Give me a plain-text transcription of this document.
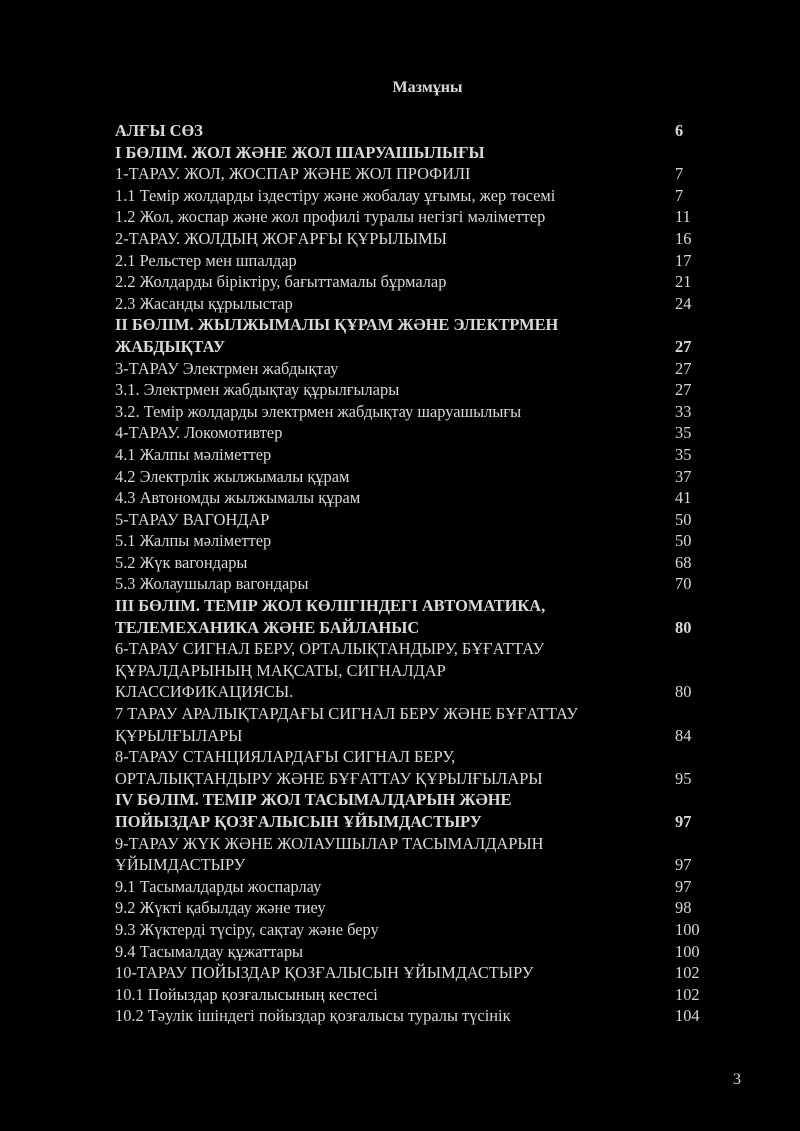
Мазмұны
АЛҒЫ СӨЗ	6
I БӨЛІМ. ЖОЛ ЖӘНЕ ЖОЛ ШАРУАШЫЛЫҒЫ
1-ТАРАУ. ЖОЛ, ЖОСПАР ЖӘНЕ ЖОЛ ПРОФИЛІ	7
1.1 Темір жолдарды іздестіру және жобалау ұғымы, жер төсемі	7
1.2 Жол, жоспар және жол профилі туралы негізгі мәліметтер	11
2-ТАРАУ. ЖОЛДЫҢ ЖОҒАРҒЫ ҚҰРЫЛЫМЫ	16
2.1 Рельстер мен шпалдар	17
2.2 Жолдарды біріктіру, бағыттамалы бұрмалар	21
2.3 Жасанды құрылыстар	24
II БӨЛІМ. ЖЫЛЖЫМАЛЫ ҚҰРАМ ЖӘНЕ ЭЛЕКТРМЕН
ЖАБДЫҚТАУ	27
3-ТАРАУ Электрмен жабдықтау	27
3.1. Электрмен жабдықтау құрылғылары	27
3.2. Темір жолдарды электрмен жабдықтау шаруашылығы	33
4-ТАРАУ. Локомотивтер	35
4.1 Жалпы мәліметтер	35
4.2 Электрлік жылжымалы құрам	37
4.3 Автономды жылжымалы құрам	41
5-ТАРАУ ВАГОНДАР	50
5.1 Жалпы мәліметтер	50
5.2 Жүк вагондары	68
5.3 Жолаушылар вагондары	70
III БӨЛІМ. ТЕМІР ЖОЛ КӨЛІГІНДЕГІ АВТОМАТИКА,
ТЕЛЕМЕХАНИКА ЖӘНЕ БАЙЛАНЫС	80
6-ТАРАУ СИГНАЛ БЕРУ, ОРТАЛЫҚТАНДЫРУ, БҰҒАТТАУ
ҚҰРАЛДАРЫНЫҢ МАҚСАТЫ, СИГНАЛДАР
КЛАССИФИКАЦИЯСЫ.	80
7 ТАРАУ АРАЛЫҚТАРДАҒЫ СИГНАЛ БЕРУ ЖӘНЕ БҰҒАТТАУ
ҚҰРЫЛҒЫЛАРЫ	84
8-ТАРАУ СТАНЦИЯЛАРДАҒЫ СИГНАЛ БЕРУ,
ОРТАЛЫҚТАНДЫРУ ЖӘНЕ БҰҒАТТАУ ҚҰРЫЛҒЫЛАРЫ	95
IV БӨЛІМ. ТЕМІР ЖОЛ ТАСЫМАЛДАРЫН ЖӘНЕ
ПОЙЫЗДАР ҚОЗҒАЛЫСЫН ҰЙЫМДАСТЫРУ	97
9-ТАРАУ ЖҮК ЖӘНЕ ЖОЛАУШЫЛАР ТАСЫМАЛДАРЫН
ҰЙЫМДАСТЫРУ	97
9.1 Тасымалдарды жоспарлау	97
9.2 Жүкті қабылдау және тиеу	98
9.3 Жүктерді түсіру, сақтау және беру	100
9.4 Тасымалдау құжаттары	100
10-ТАРАУ ПОЙЫЗДАР ҚОЗҒАЛЫСЫН ҰЙЫМДАСТЫРУ	102
10.1 Пойыздар қозғалысының кестесі	102
10.2 Тәулік ішіндегі пойыздар қозғалысы туралы түсінік	104
3
